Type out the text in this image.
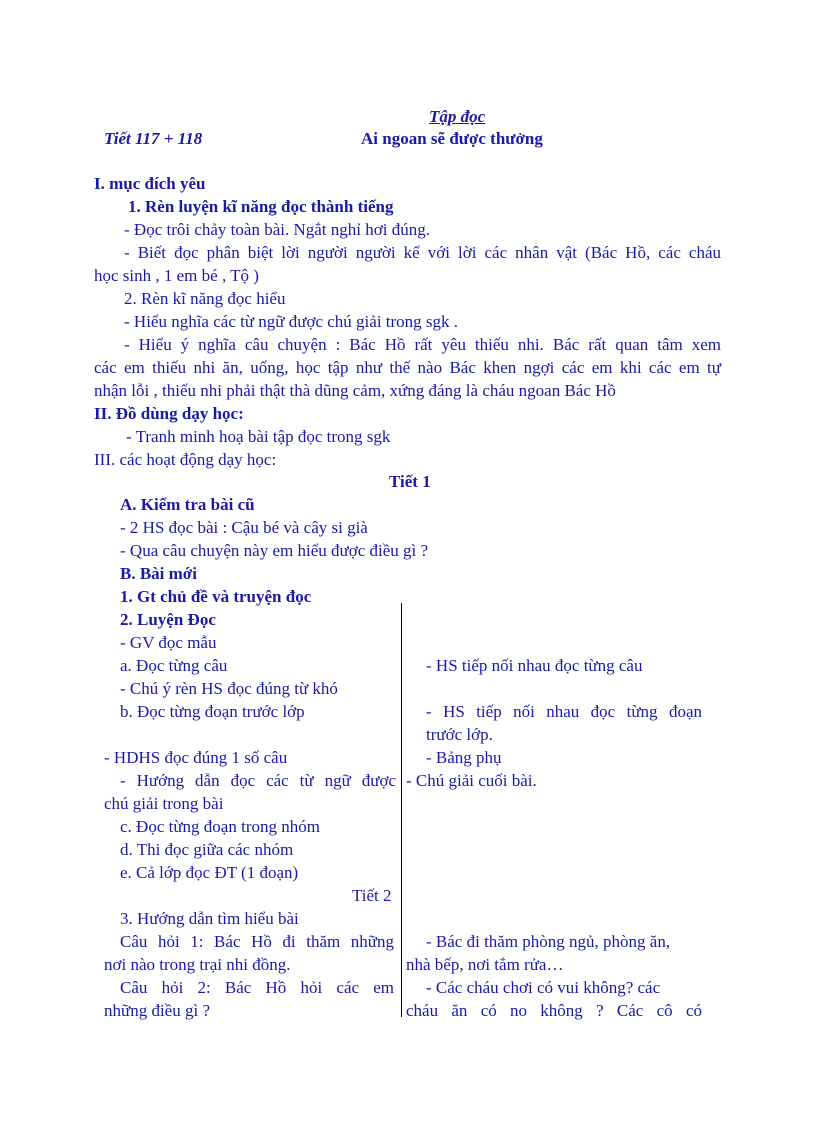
Tập đọc
Tiết 117 + 118	Ai ngoan sẽ được thưởng
I. mục đích yêu
1. Rèn luyện kĩ năng đọc thành tiếng
- Đọc trôi chảy toàn bài. Ngắt nghỉ hơi đúng.
- Biết đọc phân biệt lời người người kể với lời các nhân vật (Bác Hồ, các cháu
học sinh , 1 em bé , Tộ )
2. Rèn kĩ năng đọc hiểu
- Hiểu nghĩa các từ ngữ được chú giải trong sgk .
- Hiểu ý nghĩa câu chuyện : Bác Hồ rất yêu thiếu nhi. Bác rất quan tâm xem
các em thiếu nhi ăn, uống, học tập như thế nào Bác khen ngợi các em khi các em tự
nhận lỗi , thiếu nhi phải thật thà dũng cảm, xứng đáng là cháu ngoan Bác Hồ
II. Đồ dùng dạy học:
- Tranh minh hoạ bài tập đọc trong sgk
III. các hoạt động dạy học:
Tiết 1
A. Kiểm tra bài cũ
- 2 HS đọc bài : Cậu bé và cây si già
- Qua câu chuyện này em hiểu được điều gì ?
B. Bài mới
1. Gt chủ đề và truyện đọc
2. Luyện Đọc
- GV đọc mẫu
a. Đọc từng câu
- Chú ý rèn HS đọc đúng từ khó
b. Đọc từng đoạn trước lớp
- HDHS đọc đúng 1 số câu
- Hướng dẫn đọc các từ ngữ được
chú giải trong bài
c. Đọc từng đoạn trong nhóm
d. Thi đọc giữa các nhóm
e. Cả lớp đọc ĐT (1 đoạn)
Tiết 2
3. Hướng dẫn tìm hiểu bài
Câu hỏi 1: Bác Hồ đi thăm những
nơi nào trong trại nhi đồng.
Câu hỏi 2: Bác Hồ hỏi các em
những điều gì ?
- HS tiếp nối nhau đọc từng câu
- HS tiếp nối nhau đọc từng đoạn
trước lớp.
- Bảng phụ
- Chú giải cuối bài.
- Bác đi thăm phòng ngủ, phòng ăn,
nhà bếp, nơi tắm rửa…
- Các cháu chơi có vui không? các
cháu ăn có no không ? Các cô có
